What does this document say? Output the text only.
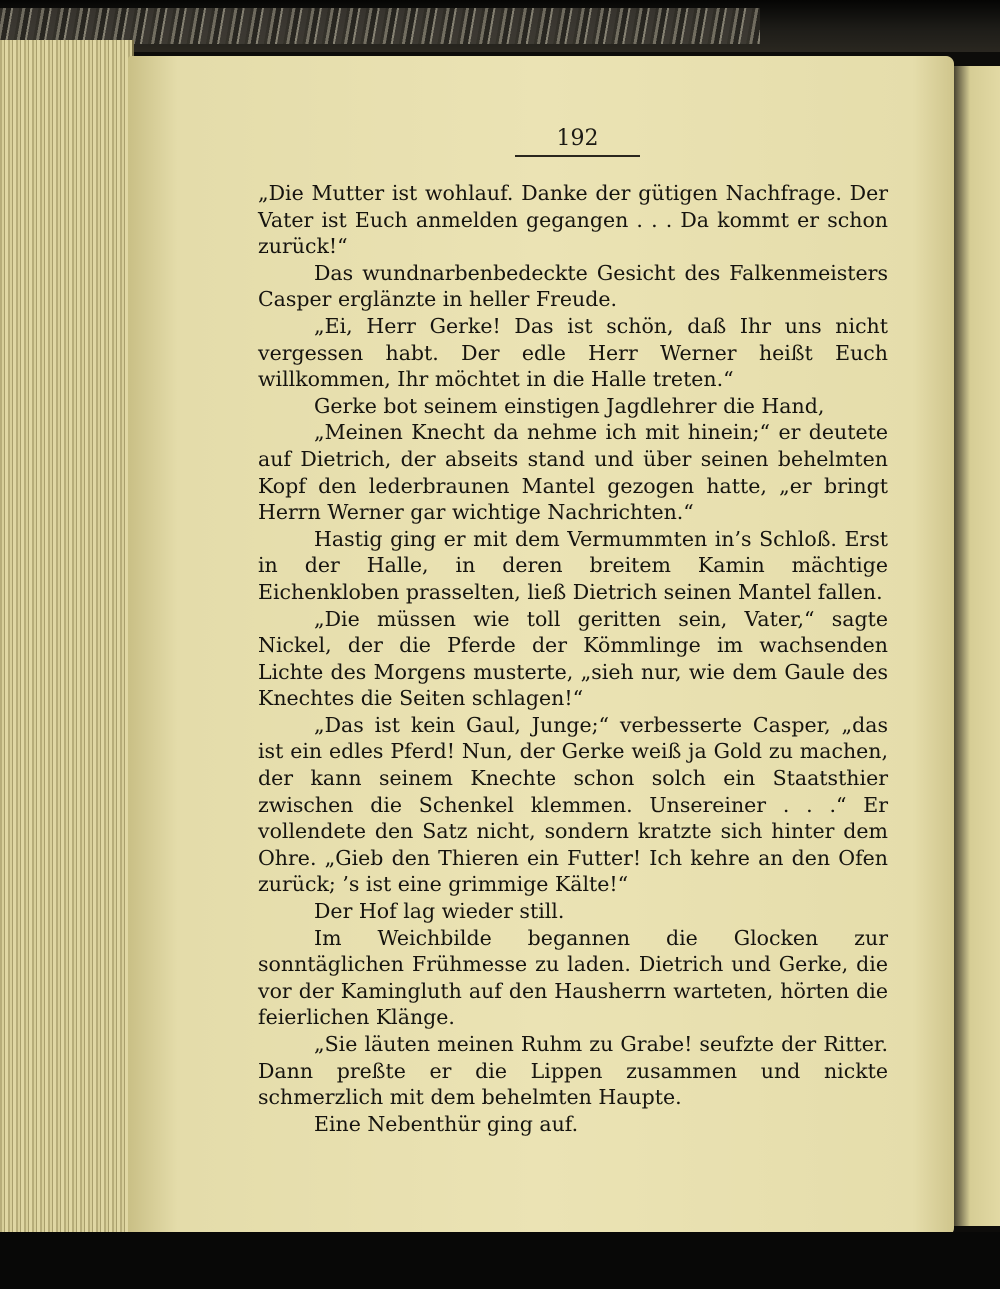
192

„Die Mutter ist wohlauf. Danke der gütigen Nachfrage. Der Vater ist Euch anmelden gegangen . . . Da kommt er schon zurück!“

Das wundnarbenbedeckte Gesicht des Falkenmeisters Casper erglänzte in heller Freude.

„Ei, Herr Gerke! Das ist schön, daß Ihr uns nicht vergessen habt. Der edle Herr Werner heißt Euch willkommen, Ihr möchtet in die Halle treten.“

Gerke bot seinem einstigen Jagdlehrer die Hand,

„Meinen Knecht da nehme ich mit hinein;“ er deutete auf Dietrich, der abseits stand und über seinen behelmten Kopf den lederbraunen Mantel gezogen hatte, „er bringt Herrn Werner gar wichtige Nachrichten.“

Hastig ging er mit dem Vermummten in’s Schloß. Erst in der Halle, in deren breitem Kamin mächtige Eichenkloben prasselten, ließ Dietrich seinen Mantel fallen.

„Die müssen wie toll geritten sein, Vater,“ sagte Nickel, der die Pferde der Kömmlinge im wachsenden Lichte des Morgens musterte, „sieh nur, wie dem Gaule des Knechtes die Seiten schlagen!“

„Das ist kein Gaul, Junge;“ verbesserte Casper, „das ist ein edles Pferd! Nun, der Gerke weiß ja Gold zu machen, der kann seinem Knechte schon solch ein Staatsthier zwischen die Schenkel klemmen. Unsereiner . . .“ Er vollendete den Satz nicht, sondern kratzte sich hinter dem Ohre. „Gieb den Thieren ein Futter! Ich kehre an den Ofen zurück; ’s ist eine grimmige Kälte!“

Der Hof lag wieder still.

Im Weichbilde begannen die Glocken zur sonntäglichen Frühmesse zu laden. Dietrich und Gerke, die vor der Kamingluth auf den Hausherrn warteten, hörten die feierlichen Klänge.

„Sie läuten meinen Ruhm zu Grabe! seufzte der Ritter. Dann preßte er die Lippen zusammen und nickte schmerzlich mit dem behelmten Haupte.

Eine Nebenthür ging auf.
